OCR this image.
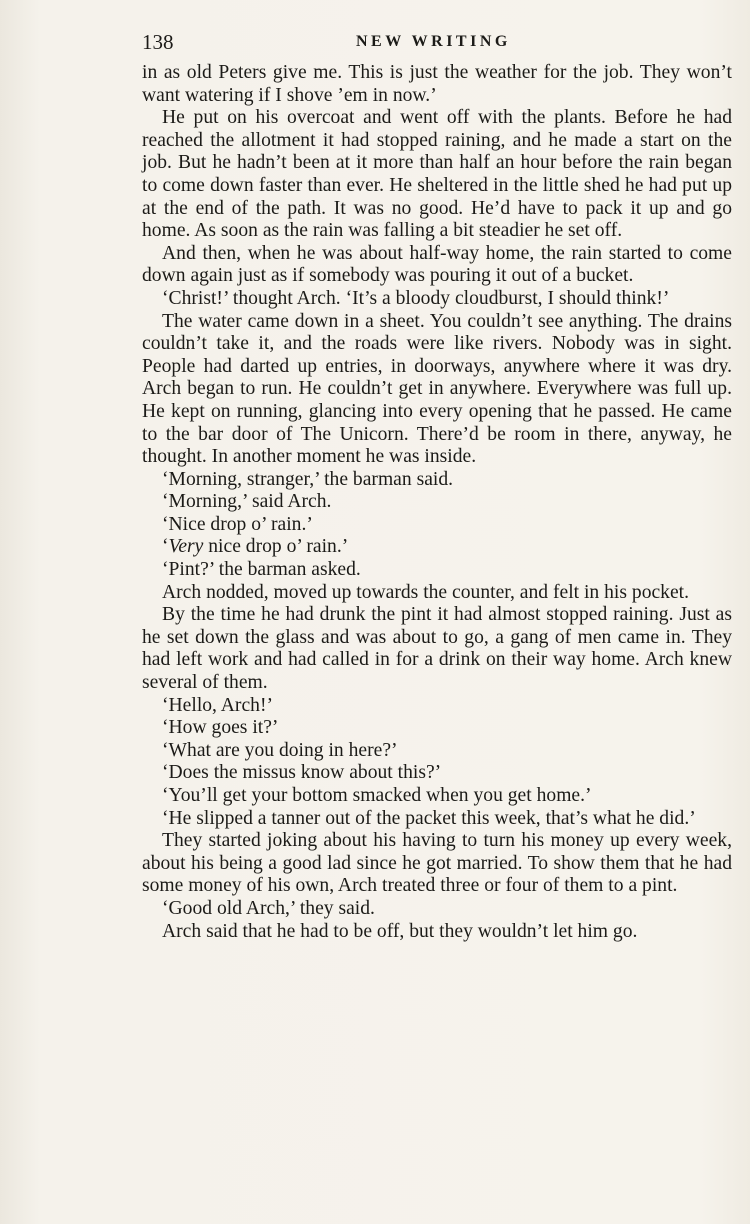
138	NEW WRITING

in as old Peters give me. This is just the weather for the job. They won’t want watering if I shove ’em in now.’

He put on his overcoat and went off with the plants. Before he had reached the allotment it had stopped raining, and he made a start on the job. But he hadn’t been at it more than half an hour before the rain began to come down faster than ever. He sheltered in the little shed he had put up at the end of the path. It was no good. He’d have to pack it up and go home. As soon as the rain was falling a bit steadier he set off.

And then, when he was about half-way home, the rain started to come down again just as if somebody was pouring it out of a bucket.

‘Christ!’ thought Arch. ‘It’s a bloody cloudburst, I should think!’

The water came down in a sheet. You couldn’t see anything. The drains couldn’t take it, and the roads were like rivers. Nobody was in sight. People had darted up entries, in doorways, anywhere where it was dry. Arch began to run. He couldn’t get in anywhere. Everywhere was full up. He kept on running, glancing into every opening that he passed. He came to the bar door of The Unicorn. There’d be room in there, anyway, he thought. In another moment he was inside.

‘Morning, stranger,’ the barman said.

‘Morning,’ said Arch.

‘Nice drop o’ rain.’

‘Very nice drop o’ rain.’

‘Pint?’ the barman asked.

Arch nodded, moved up towards the counter, and felt in his pocket.

By the time he had drunk the pint it had almost stopped raining. Just as he set down the glass and was about to go, a gang of men came in. They had left work and had called in for a drink on their way home. Arch knew several of them.

‘Hello, Arch!’

‘How goes it?’

‘What are you doing in here?’

‘Does the missus know about this?’

‘You’ll get your bottom smacked when you get home.’

‘He slipped a tanner out of the packet this week, that’s what he did.’

They started joking about his having to turn his money up every week, about his being a good lad since he got married. To show them that he had some money of his own, Arch treated three or four of them to a pint.

‘Good old Arch,’ they said.

Arch said that he had to be off, but they wouldn’t let him go.
